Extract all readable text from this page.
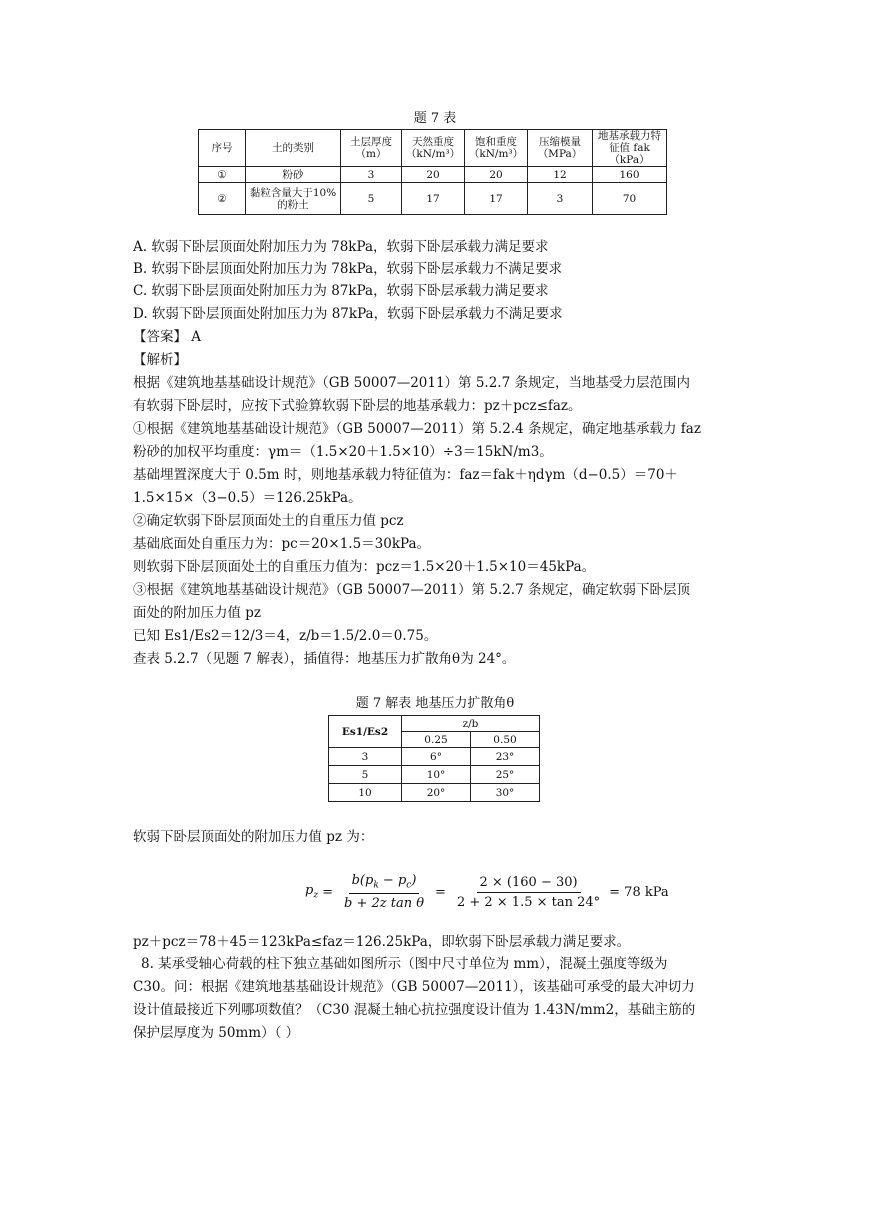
题 7 表
序号	土的类别	土层厚度（m）	天然重度（kN/m³）	饱和重度（kN/m³）	压缩模量（MPa）	地基承载力特征值 fak（kPa）
①	粉砂	3	20	20	12	160
②	黏粒含量大于10%的粉土	5	17	17	3	70
A. 软弱下卧层顶面处附加压力为 78kPa，软弱下卧层承载力满足要求
B. 软弱下卧层顶面处附加压力为 78kPa，软弱下卧层承载力不满足要求
C. 软弱下卧层顶面处附加压力为 87kPa，软弱下卧层承载力满足要求
D. 软弱下卧层顶面处附加压力为 87kPa，软弱下卧层承载力不满足要求
【答案】 A
【解析】
根据《建筑地基基础设计规范》（GB 50007—2011）第 5.2.7 条规定，当地基受力层范围内
有软弱下卧层时，应按下式验算软弱下卧层的地基承载力：pz＋pcz≤faz。
①根据《建筑地基基础设计规范》（GB 50007—2011）第 5.2.4 条规定，确定地基承载力 faz
粉砂的加权平均重度：γm＝（1.5×20＋1.5×10）÷3＝15kN/m3。
基础埋置深度大于 0.5m 时，则地基承载力特征值为：faz＝fak＋ηdγm（d−0.5）＝70＋
1.5×15×（3−0.5）＝126.25kPa。
②确定软弱下卧层顶面处土的自重压力值 pcz
基础底面处自重压力为：pc＝20×1.5＝30kPa。
则软弱下卧层顶面处土的自重压力值为：pcz＝1.5×20＋1.5×10＝45kPa。
③根据《建筑地基基础设计规范》（GB 50007—2011）第 5.2.7 条规定，确定软弱下卧层顶
面处的附加压力值 pz
已知 Es1/Es2＝12/3＝4，z/b＝1.5/2.0＝0.75。
查表 5.2.7（见题 7 解表），插值得：地基压力扩散角θ为 24°。
题 7 解表 地基压力扩散角θ
Es1/Es2	z/b	
	0.25	0.50
3	6°	23°
5	10°	25°
10	20°	30°
软弱下卧层顶面处的附加压力值 pz 为：
$p_z = \frac{b(p_k - p_c)}{\text{b + 2z tan θ}} = \frac{2 \times (160 - 30)}{2 + 2 \times 1.5 \times \tan 24^\circ} = 78$ kPa
pz＋pcz＝78＋45＝123kPa≤faz＝126.25kPa，即软弱下卧层承载力满足要求。
8. 某承受轴心荷载的柱下独立基础如图所示（图中尺寸单位为 mm），混凝土强度等级为
C30。问：根据《建筑地基基础设计规范》（GB 50007—2011），该基础可承受的最大冲切力
设计值最接近下列哪项数值？（C30 混凝土轴心抗拉强度设计值为 1.43N/mm2，基础主筋的
保护层厚度为 50mm）（ ）
